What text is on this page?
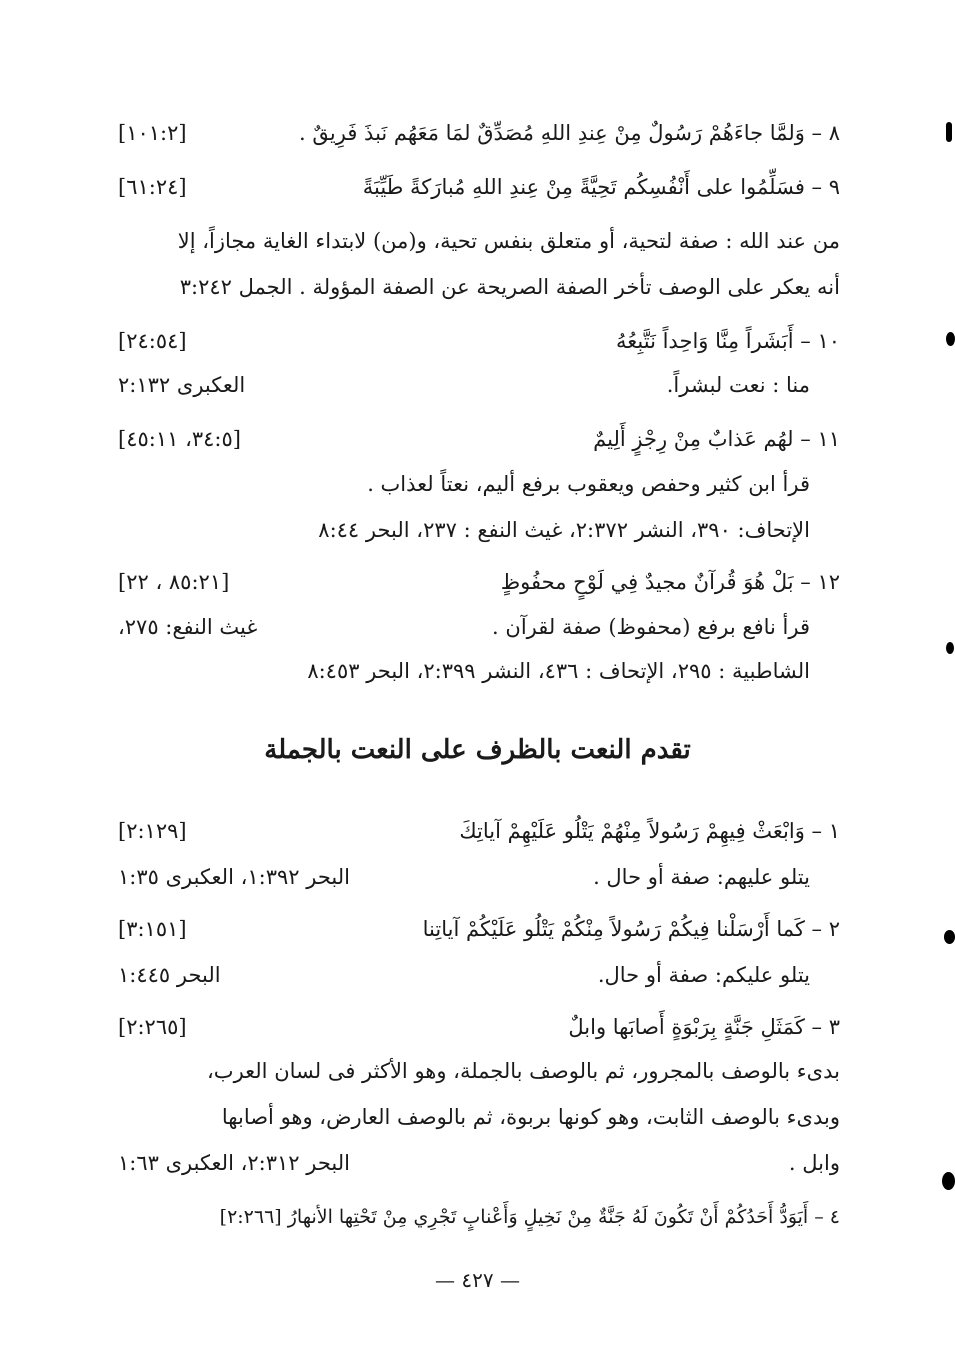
٨ – وَلمَّا جاءَهُمْ رَسُولٌ مِنْ عِندِ اللهِ مُصَدِّقٌ لمَا مَعَهُم نَبذَ فَرِيقٌ .
[١٠١:٢]
٩ – فسَلِّمُوا على أَنْفُسِكُم تَحِيَّةً مِنْ عِندِ اللهِ مُبارَكةً طَيِّبَةً
[٦١:٢٤]
من عند الله : صفة لتحية، أو متعلق بنفس تحية، و(من) لابتداء الغاية مجازاً، إلا
أنه يعكر على الوصف تأخر الصفة الصريحة عن الصفة المؤولة . الجمل ٣:٢٤٢
١٠ – أَبَشَراً مِنَّا وَاحِداً نَتَّبِعُهُ
[٢٤:٥٤]
منا : نعت لبشراً.
العكبرى ٢:١٣٢
١١ – لهُم عَذابٌ مِنْ رِجْزٍ أَلِيمٌ
[٣٤:٥، ٤٥:١١]
قرأ ابن كثير وحفص ويعقوب برفع أليم، نعتاً لعذاب .
الإتحاف: ٣٩٠، النشر ٢:٣٧٢، غيث النفع : ٢٣٧، البحر ٨:٤٤
١٢ – بَلْ هُوَ قُرآنٌ مجيدٌ فِي لَوْحٍ محفُوظٍ
[٨٥:٢١ ، ٢٢]
قرأ نافع برفع (محفوظ) صفة لقرآن .
غيث النفع: ٢٧٥،
الشاطبية : ٢٩٥، الإتحاف : ٤٣٦، النشر ٢:٣٩٩، البحر ٨:٤٥٣
تقدم النعت بالظرف على النعت بالجملة
١ – وَابْعَثْ فِيهِمْ رَسُولاً مِنْهُمْ يَتْلُو عَلَيْهِمْ آياتِكَ
[٢:١٢٩]
يتلو عليهم: صفة أو حال .
البحر ١:٣٩٢، العكبرى ١:٣٥
٢ – كَما أَرْسَلْنا فِيكُمْ رَسُولاً مِنْكُمْ يَتْلُو عَلَيْكُمْ آياتِنا
[٣:١٥١]
يتلو عليكم: صفة أو حال.
البحر ١:٤٤٥
٣ – كَمَثَلِ جَنَّةٍ بِرَبْوَةٍ أَصابَها وابلٌ
[٢:٢٦٥]
بدىء بالوصف بالمجرور، ثم بالوصف بالجملة، وهو الأكثر فى لسان العرب،
وبدىء بالوصف الثابت، وهو كونها بربوة، ثم بالوصف العارض، وهو أصابها
وابل .
البحر ٢:٣١٢، العكبرى ١:٦٣
٤ – أَيَوَدُّ أَحَدُكُمْ أَنْ تَكُونَ لَهُ جَنَّةٌ مِنْ نَخِيلٍ وَأَعْنابٍ تَجْرِي مِنْ تَحْتِها الأنهارُ [٢:٢٦٦]
— ٤٢٧ —
